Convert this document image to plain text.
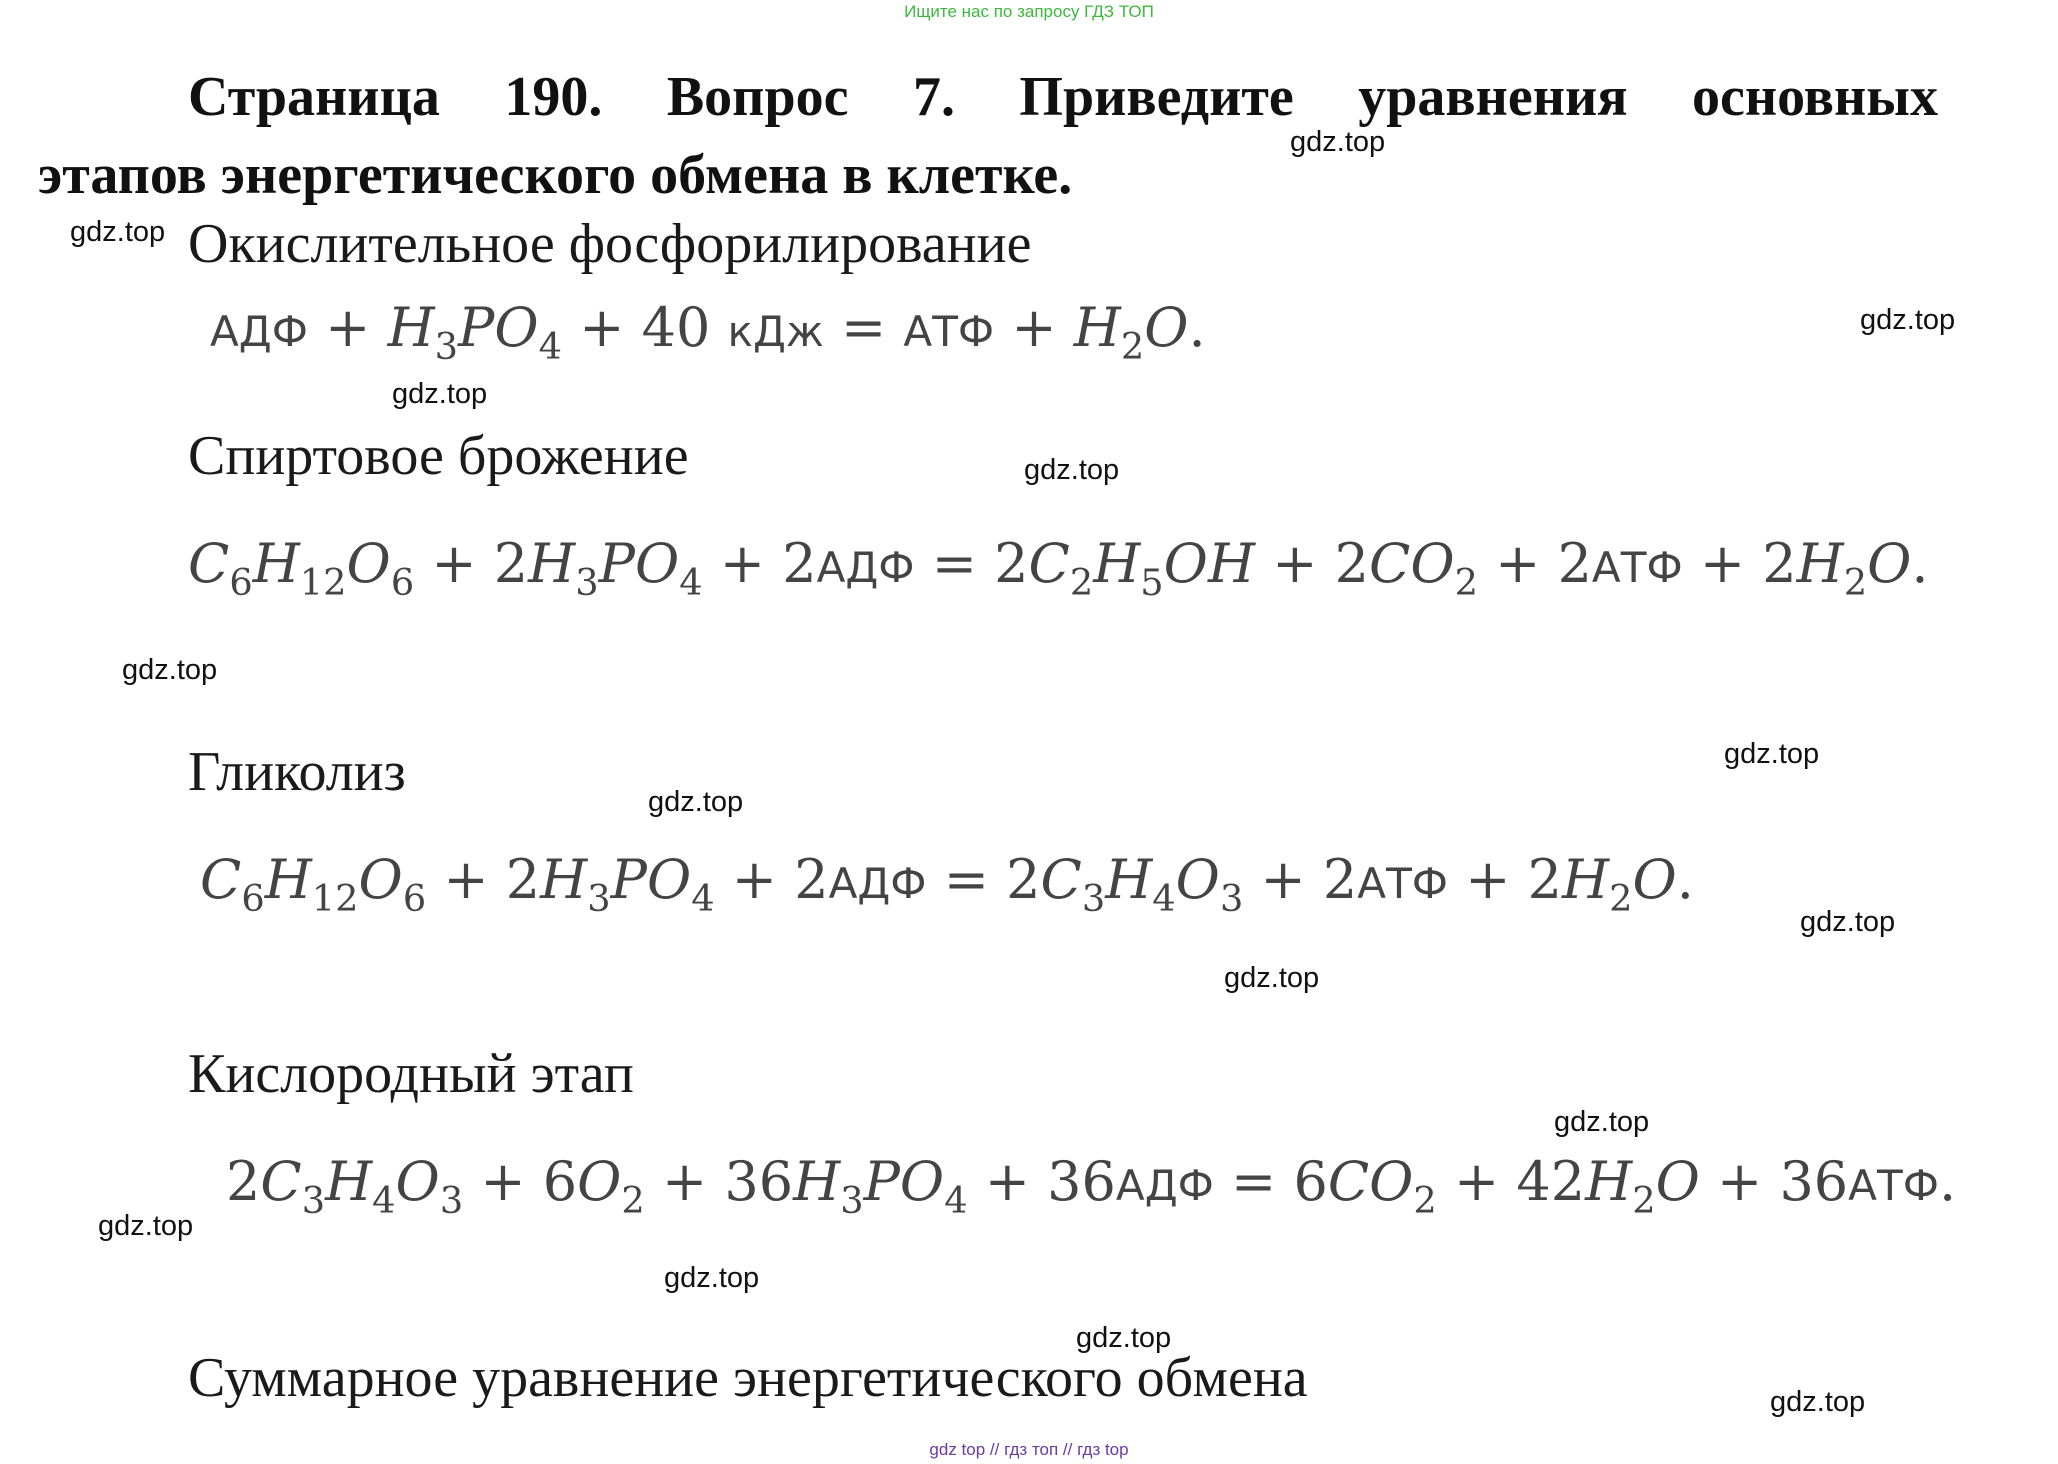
Ищите нас по запросу ГДЗ ТОП
Страница 190. Вопрос 7. Приведите уравнения основных
этапов энергетического обмена в клетке.
Окислительное фосфорилирование
АДФ + $H_3PO_4 + 40$ кДж = АТФ + $H_2O$.
Спиртовое брожение
$C_6H_{12}O_6 + 2H_3PO_4 + 2АДФ = 2C_2H_5OH + 2CO_2 + 2АТФ + 2H_2O$.
Гликолиз
$C_6H_{12}O_6 + 2H_3PO_4 + 2АДФ = 2C_3H_4O_3 + 2АТФ + 2H_2O$.
Кислородный этап
$2C_3H_4O_3 + 6O_2 + 36H_3PO_4 + 36АДФ = 6CO_2 + 42H_2O + 36АТФ$.
Суммарное уравнение энергетического обмена
gdz.top
gdz.top
gdz.top
gdz.top
gdz.top
gdz.top
gdz.top
gdz.top
gdz.top
gdz.top
gdz.top
gdz.top
gdz.top
gdz.top
gdz.top
gdz top // гдз топ // гдз top
